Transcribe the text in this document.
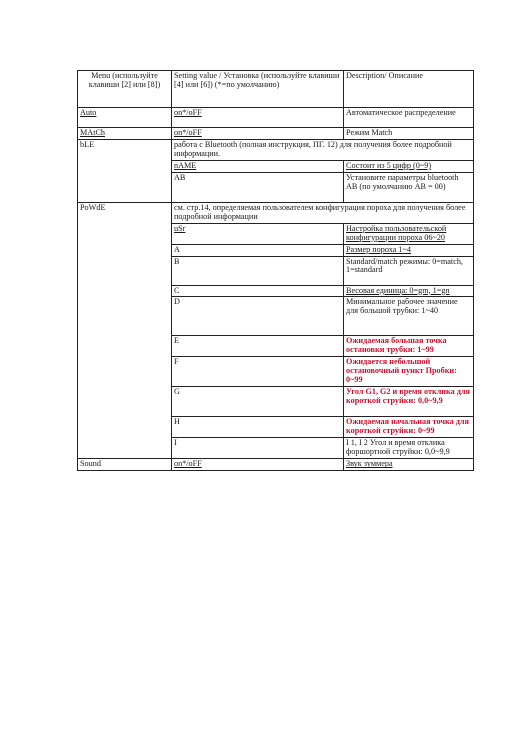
Menu (используйте клавиши [2] или [8])	Setting value / Установка (используйте клавиши [4] или [6]) (*=по умолчанию)	Description/ Описание
Auto	on*/oFF	Автоматическое распределение
MAtCh	on*/oFF	Режим Match
bLE	работа с Bluetooth (полная инструкция, ПГ. 12) для получения более подробной информации.	
	nAME	Состоит из 5 цифр (0~9)
	AB	Установите параметры bluetooth AB (по умолчанию AB = 00)
PoWdE	см. стр.14, определяемая пользователем конфигурация пороха для получения более подробной информации	
	uSr	Настройка пользовательской конфигурации пороха 06~20
	A	Размер пороха 1~4
	B	Standard/match режимы: 0=match, 1=standard
	C	Весовая единица: 0=gm, 1=gn
	D	Минимальное рабочее значение для большой трубки: 1~40
	E	Ожидаемая большая точка остановки трубки: 1~99
	F	Ожидается небольшой остановочный пункт Пробки: 0~99
	G	Угол G1, G2 и время отклика для короткой струйки: 0,0~9,9
	H	Ожидаемая начальная точка для короткой струйки: 0~99
	I	I 1, I 2 Угол и время отклика форшортной струйки: 0,0~9,9
Sound	on*/oFF	Звук зуммера
